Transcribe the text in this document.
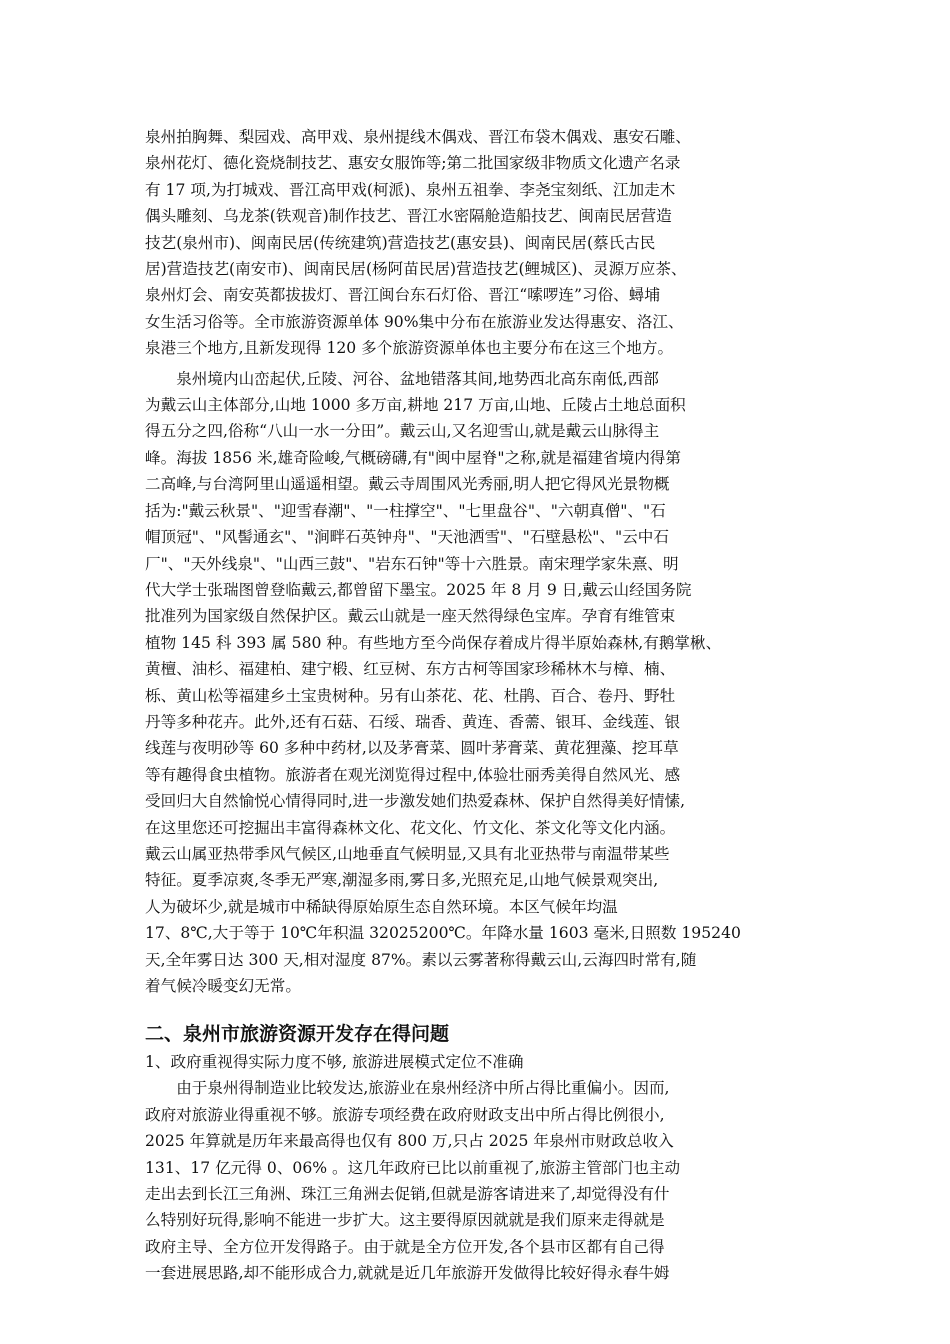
泉州拍胸舞、梨园戏、高甲戏、泉州提线木偶戏、晋江布袋木偶戏、惠安石雕、

泉州花灯、德化瓷烧制技艺、惠安女服饰等;第二批国家级非物质文化遗产名录

有 17 项,为打城戏、晋江高甲戏(柯派)、泉州五祖拳、李尧宝刻纸、江加走木

偶头雕刻、乌龙茶(铁观音)制作技艺、晋江水密隔舱造船技艺、闽南民居营造

技艺(泉州市)、闽南民居(传统建筑)营造技艺(惠安县)、闽南民居(蔡氏古民

居)营造技艺(南安市)、闽南民居(杨阿苗民居)营造技艺(鲤城区)、灵源万应茶、

泉州灯会、南安英都拔拔灯、晋江闽台东石灯俗、晋江“嗦啰连”习俗、蟳埔

女生活习俗等。全市旅游资源单体 90%集中分布在旅游业发达得惠安、洛江、

泉港三个地方,且新发现得 120 多个旅游资源单体也主要分布在这三个地方。

　　泉州境内山峦起伏,丘陵、河谷、盆地错落其间,地势西北高东南低,西部

为戴云山主体部分,山地 1000 多万亩,耕地 217 万亩,山地、丘陵占土地总面积

得五分之四,俗称“八山一水一分田”。戴云山,又名迎雪山,就是戴云山脉得主

峰。海拔 1856 米,雄奇险峻,气概磅礴,有"闽中屋脊"之称,就是福建省境内得第

二高峰,与台湾阿里山遥遥相望。戴云寺周围风光秀丽,明人把它得风光景物概

括为:"戴云秋景"、"迎雪春潮"、"一柱撑空"、"七里盘谷"、"六朝真僧"、"石

帽顶冠"、"风髻通玄"、"涧畔石英钟舟"、"天池洒雪"、"石壁悬松"、"云中石

厂"、"天外线泉"、"山西三鼓"、"岩东石钟"等十六胜景。南宋理学家朱熹、明

代大学士张瑞图曾登临戴云,都曾留下墨宝。2025 年 8 月 9 日,戴云山经国务院

批准列为国家级自然保护区。戴云山就是一座天然得绿色宝库。孕育有维管束

植物 145 科 393 属 580 种。有些地方至今尚保存着成片得半原始森林,有鹅掌楸、

黄檀、油杉、福建柏、建宁椴、红豆树、东方古柯等国家珍稀林木与樟、楠、

栎、黄山松等福建乡土宝贵树种。另有山茶花、花、杜鹃、百合、卷丹、野牡

丹等多种花卉。此外,还有石菇、石绥、瑞香、黄连、香薷、银耳、金线莲、银

线莲与夜明砂等 60 多种中药材,以及茅膏菜、圆叶茅膏菜、黄花狸藻、挖耳草

等有趣得食虫植物。旅游者在观光浏览得过程中,体验壮丽秀美得自然风光、感

受回归大自然愉悦心情得同时,进一步激发她们热爱森林、保护自然得美好情愫,

在这里您还可挖掘出丰富得森林文化、花文化、竹文化、茶文化等文化内涵。

戴云山属亚热带季风气候区,山地垂直气候明显,又具有北亚热带与南温带某些

特征。夏季凉爽,冬季无严寒,潮湿多雨,雾日多,光照充足,山地气候景观突出,

人为破坏少,就是城市中稀缺得原始原生态自然环境。本区气候年均温

17、8℃,大于等于 10℃年积温 32025200℃。年降水量 1603 毫米,日照数 195240

天,全年雾日达 300 天,相对湿度 87%。素以云雾著称得戴云山,云海四时常有,随

着气候冷暖变幻无常。

二、泉州市旅游资源开发存在得问题

1、政府重视得实际力度不够, 旅游进展模式定位不准确

　　由于泉州得制造业比较发达,旅游业在泉州经济中所占得比重偏小。因而,

政府对旅游业得重视不够。旅游专项经费在政府财政支出中所占得比例很小,

2025 年算就是历年来最高得也仅有 800 万,只占 2025 年泉州市财政总收入

131、17 亿元得 0、06% 。这几年政府已比以前重视了,旅游主管部门也主动

走出去到长江三角洲、珠江三角洲去促销,但就是游客请进来了,却觉得没有什

么特别好玩得,影响不能进一步扩大。这主要得原因就就是我们原来走得就是

政府主导、全方位开发得路子。由于就是全方位开发,各个县市区都有自己得

一套进展思路,却不能形成合力,就就是近几年旅游开发做得比较好得永春牛姆
